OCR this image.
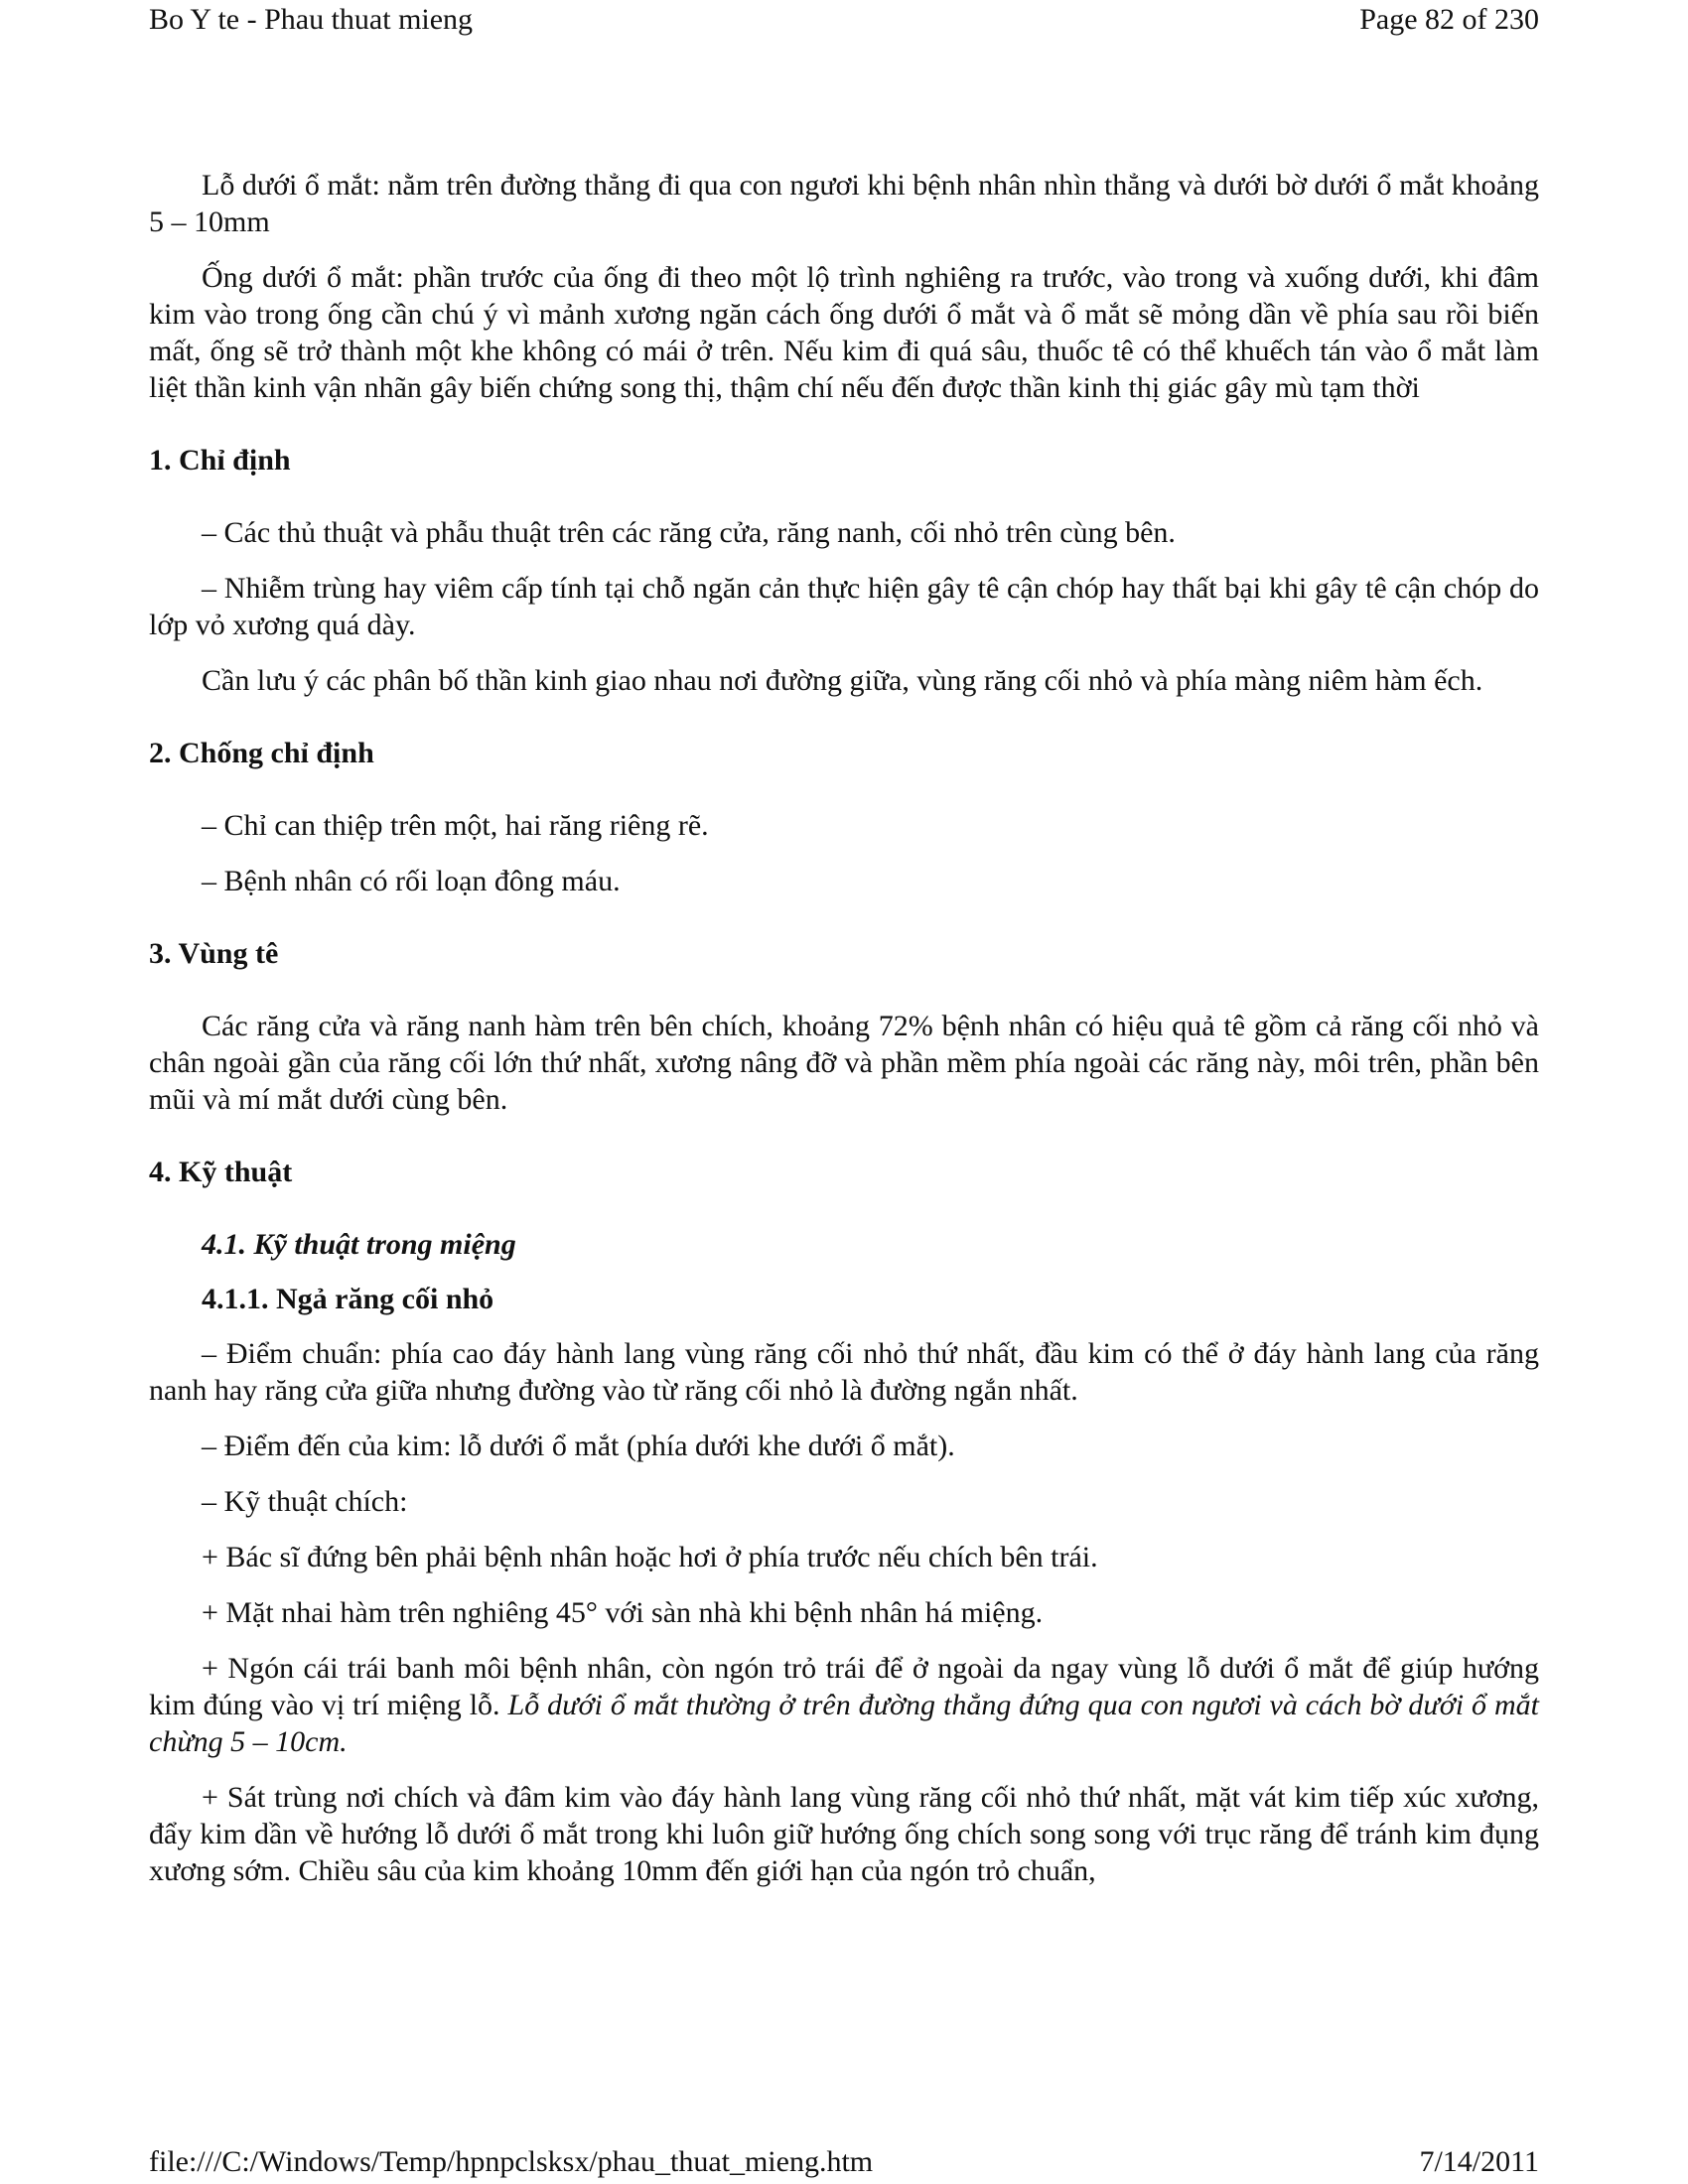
Bo Y te - Phau thuat mieng	Page 82 of 230

Lỗ dưới ổ mắt: nằm trên đường thẳng đi qua con ngươi khi bệnh nhân nhìn thẳng và dưới bờ dưới ổ mắt khoảng 5 – 10mm

Ống dưới ổ mắt: phần trước của ống đi theo một lộ trình nghiêng ra trước, vào trong và xuống dưới, khi đâm kim vào trong ống cần chú ý vì mảnh xương ngăn cách ống dưới ổ mắt và ổ mắt sẽ mỏng dần về phía sau rồi biến mất, ống sẽ trở thành một khe không có mái ở trên. Nếu kim đi quá sâu, thuốc tê có thể khuếch tán vào ổ mắt làm liệt thần kinh vận nhãn gây biến chứng song thị, thậm chí nếu đến được thần kinh thị giác gây mù tạm thời

1. Chỉ định

– Các thủ thuật và phẫu thuật trên các răng cửa, răng nanh, cối nhỏ trên cùng bên.

– Nhiễm trùng hay viêm cấp tính tại chỗ ngăn cản thực hiện gây tê cận chóp hay thất bại khi gây tê cận chóp do lớp vỏ xương quá dày.

Cần lưu ý các phân bố thần kinh giao nhau nơi đường giữa, vùng răng cối nhỏ và phía màng niêm hàm ếch.

2. Chống chỉ định

– Chỉ can thiệp trên một, hai răng riêng rẽ.

– Bệnh nhân có rối loạn đông máu.

3. Vùng tê

Các răng cửa và răng nanh hàm trên bên chích, khoảng 72% bệnh nhân có hiệu quả tê gồm cả răng cối nhỏ và chân ngoài gần của răng cối lớn thứ nhất, xương nâng đỡ và phần mềm phía ngoài các răng này, môi trên, phần bên mũi và mí mắt dưới cùng bên.

4. Kỹ thuật
4.1. Kỹ thuật trong miệng
4.1.1. Ngả răng cối nhỏ

– Điểm chuẩn: phía cao đáy hành lang vùng răng cối nhỏ thứ nhất, đầu kim có thể ở đáy hành lang của răng nanh hay răng cửa giữa nhưng đường vào từ răng cối nhỏ là đường ngắn nhất.

– Điểm đến của kim: lỗ dưới ổ mắt (phía dưới khe dưới ổ mắt).

– Kỹ thuật chích:

+ Bác sĩ đứng bên phải bệnh nhân hoặc hơi ở phía trước nếu chích bên trái.

+ Mặt nhai hàm trên nghiêng 45° với sàn nhà khi bệnh nhân há miệng.

+ Ngón cái trái banh môi bệnh nhân, còn ngón trỏ trái để ở ngoài da ngay vùng lỗ dưới ổ mắt để giúp hướng kim đúng vào vị trí miệng lỗ. Lỗ dưới ổ mắt thường ở trên đường thẳng đứng qua con ngươi và cách bờ dưới ổ mắt chừng 5 – 10cm.

+ Sát trùng nơi chích và đâm kim vào đáy hành lang vùng răng cối nhỏ thứ nhất, mặt vát kim tiếp xúc xương, đẩy kim dần về hướng lỗ dưới ổ mắt trong khi luôn giữ hướng ống chích song song với trục răng để tránh kim đụng xương sớm. Chiều sâu của kim khoảng 10mm đến giới hạn của ngón trỏ chuẩn,

file:///C:/Windows/Temp/hpnpclsksx/phau_thuat_mieng.htm	7/14/2011
